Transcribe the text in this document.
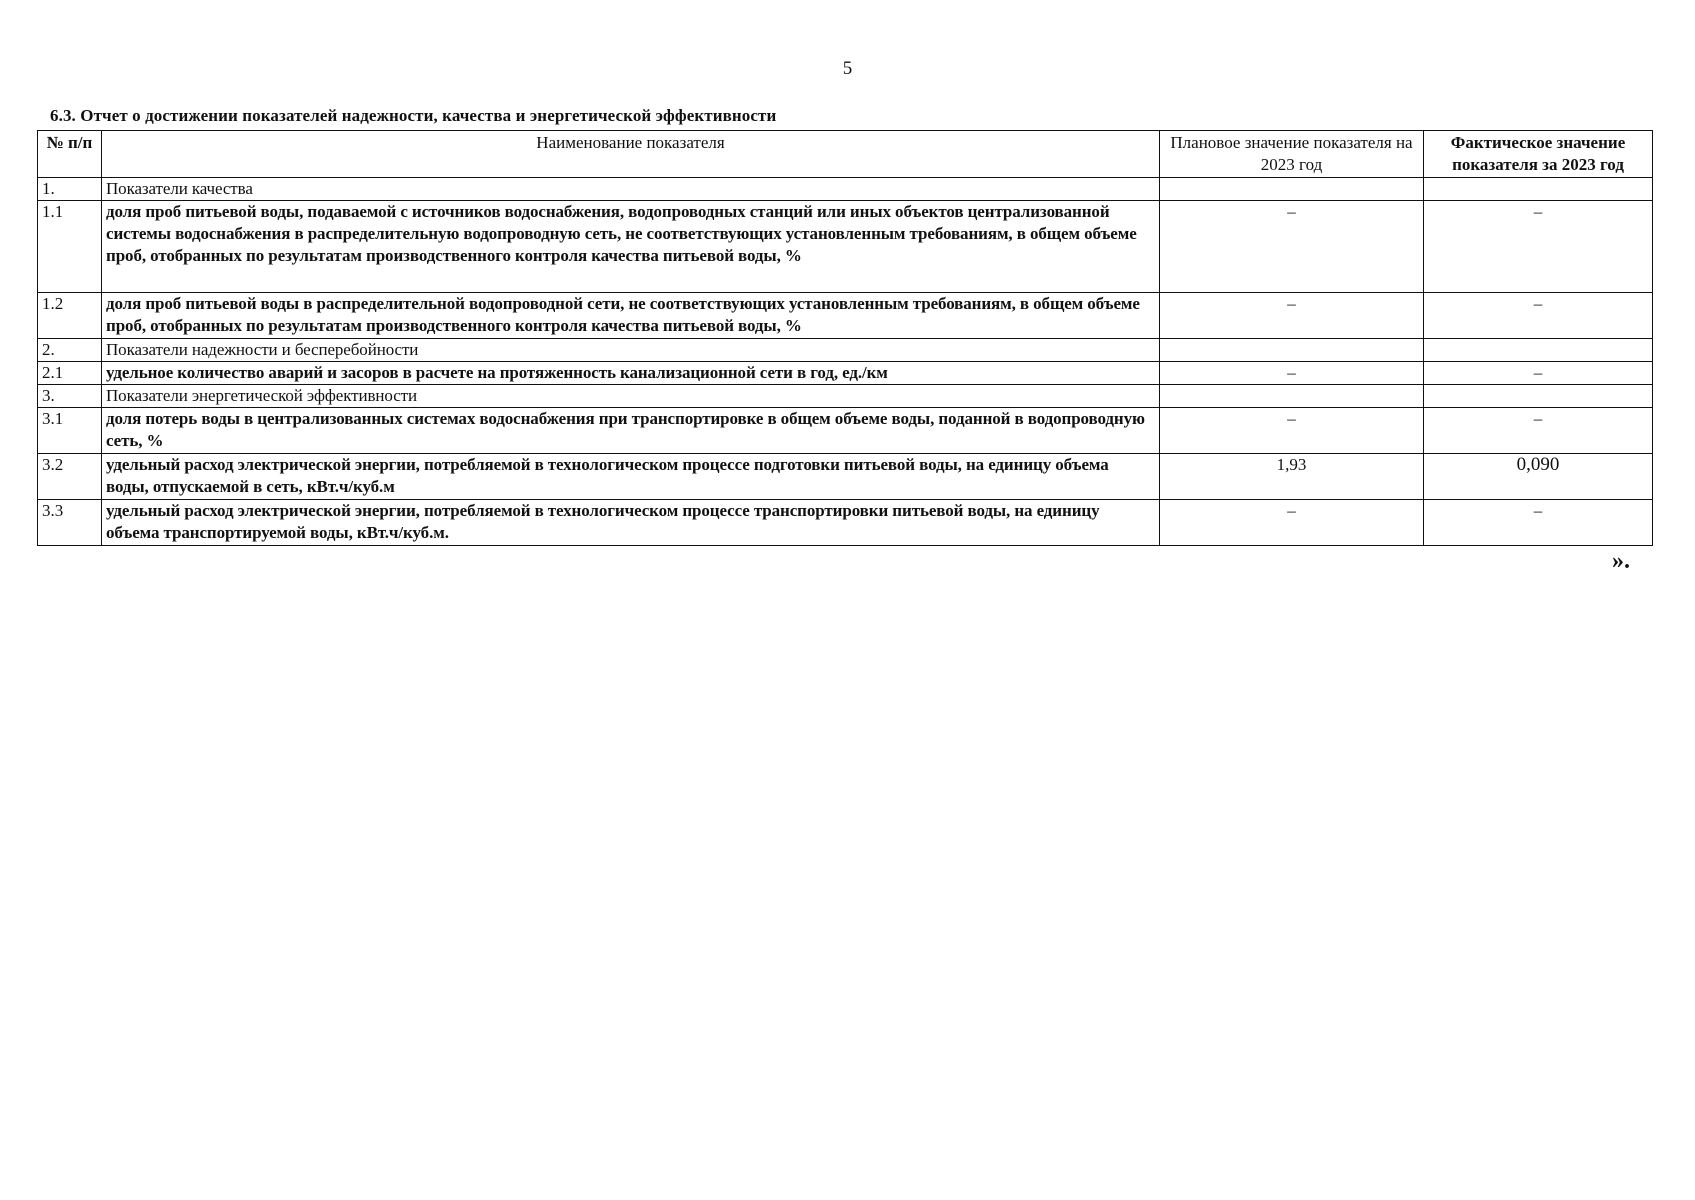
5
6.3. Отчет о достижении показателей надежности, качества и энергетической эффективности
№ п/п	Наименование показателя	Плановое значение показателя на 2023 год	Фактическое значение показателя за 2023 год
1.	Показатели качества		
1.1	доля проб питьевой воды, подаваемой с источников водоснабжения, водопроводных станций или иных объектов централизованной системы водоснабжения в распределительную водопроводную сеть, не соответствующих установленным требованиям, в общем объеме проб, отобранных по результатам производственного контроля качества питьевой воды, %	–	–
1.2	доля проб питьевой воды в распределительной водопроводной сети, не соответствующих установленным требованиям, в общем объеме проб, отобранных по результатам производственного контроля качества питьевой воды, %	–	–
2.	Показатели надежности и бесперебойности		
2.1	удельное количество аварий и засоров в расчете на протяженность канализационной сети в год, ед./км	–	–
3.	Показатели энергетической эффективности		
3.1	доля потерь воды в централизованных системах водоснабжения при транспортировке в общем объеме воды, поданной в водопроводную сеть, %	–	–
3.2	удельный расход электрической энергии, потребляемой в технологическом процессе подготовки питьевой воды, на единицу объема воды, отпускаемой в сеть, кВт.ч/куб.м	1,93	0,090
3.3	удельный расход электрической энергии, потребляемой в технологическом процессе транспортировки питьевой воды, на единицу объема транспортируемой воды, кВт.ч/куб.м.	–	–
».
